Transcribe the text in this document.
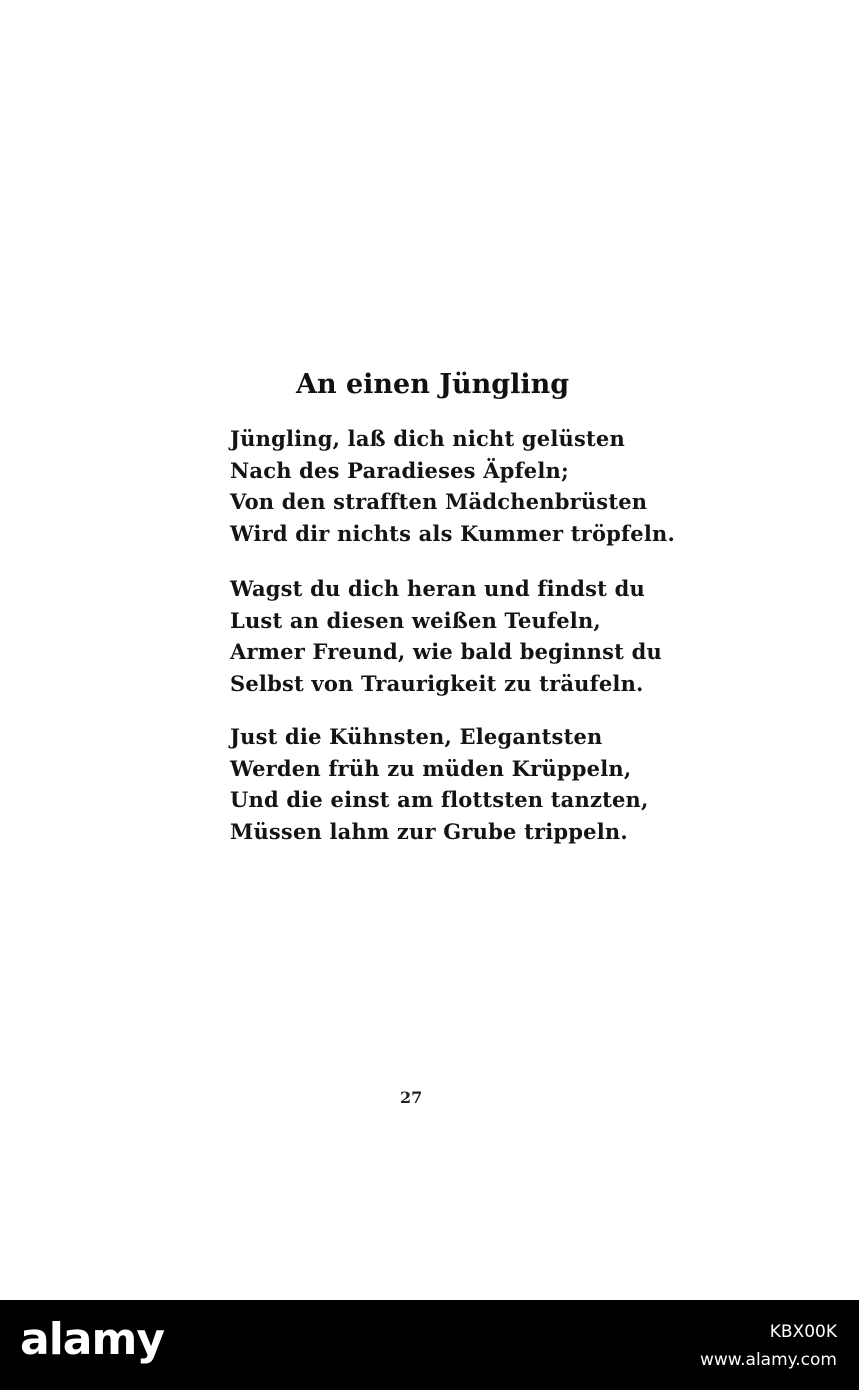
An einen Jüngling
Jüngling, laß dich nicht gelüsten
Nach des Paradieses Äpfeln;
Von den strafften Mädchenbrüsten
Wird dir nichts als Kummer tröpfeln.
Wagst du dich heran und findst du
Lust an diesen weißen Teufeln,
Armer Freund, wie bald beginnst du
Selbst von Traurigkeit zu träufeln.
Just die Kühnsten, Elegantsten
Werden früh zu müden Krüppeln,
Und die einst am flottsten tanzten,
Müssen lahm zur Grube trippeln.
27
alamy	KBX00K
www.alamy.com
